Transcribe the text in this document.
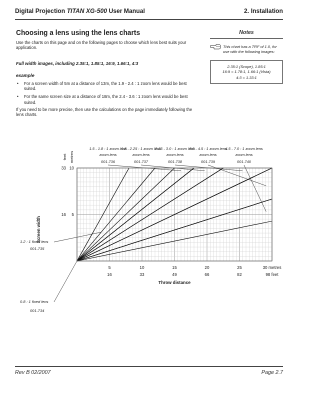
Digital Projection TITAN XG-500 User Manual	2. Installation
Choosing a lens using the lens charts
Use the charts on this page and on the following pages to choose which lens best suits your application.
Full width images, including 2.35:1, 1.85:1, 16:9, 1.66:1, 4:3
example
• For a screen width of 5m at a distance of 13m, the 1.9 - 2.4 : 1 zoom lens would be best suited.
• For the same screen size at a distance of 18m, the 2.4 - 3.6 : 1 zoom lens would be best suited.
If you need to be more precise, then use the calculations on the page immediately following the lens charts.
Notes
This chart has a TRF of 1.0, for use with the following images:
2.35:1 (Scope), 1.85:1
16:9 = 1.78:1, 1.66:1 (Vista)
4:3 = 1.33:1
1.5 - 1.8 : 1 zoom lens
zoom lens
001-736
1.8 - 2.25 : 1 zoom lens
zoom lens
001-737
2.25 - 3.0 : 1 zoom lens
zoom lens
001-738
3.0 - 4.5 : 1 zoom lens
zoom lens
001-739
4.5 - 7.0 : 1 zoom lens
zoom lens
001-740
0.8 : 1 fixed lens
001-734
1.2 : 1 fixed lens
001-735
5
16
10
33
feet metres
Screen width
5
16
10
33
15
49
20
66
25
82
30 metres
98 feet
Throw distance
Rev B 02/2007	Page 2.7
